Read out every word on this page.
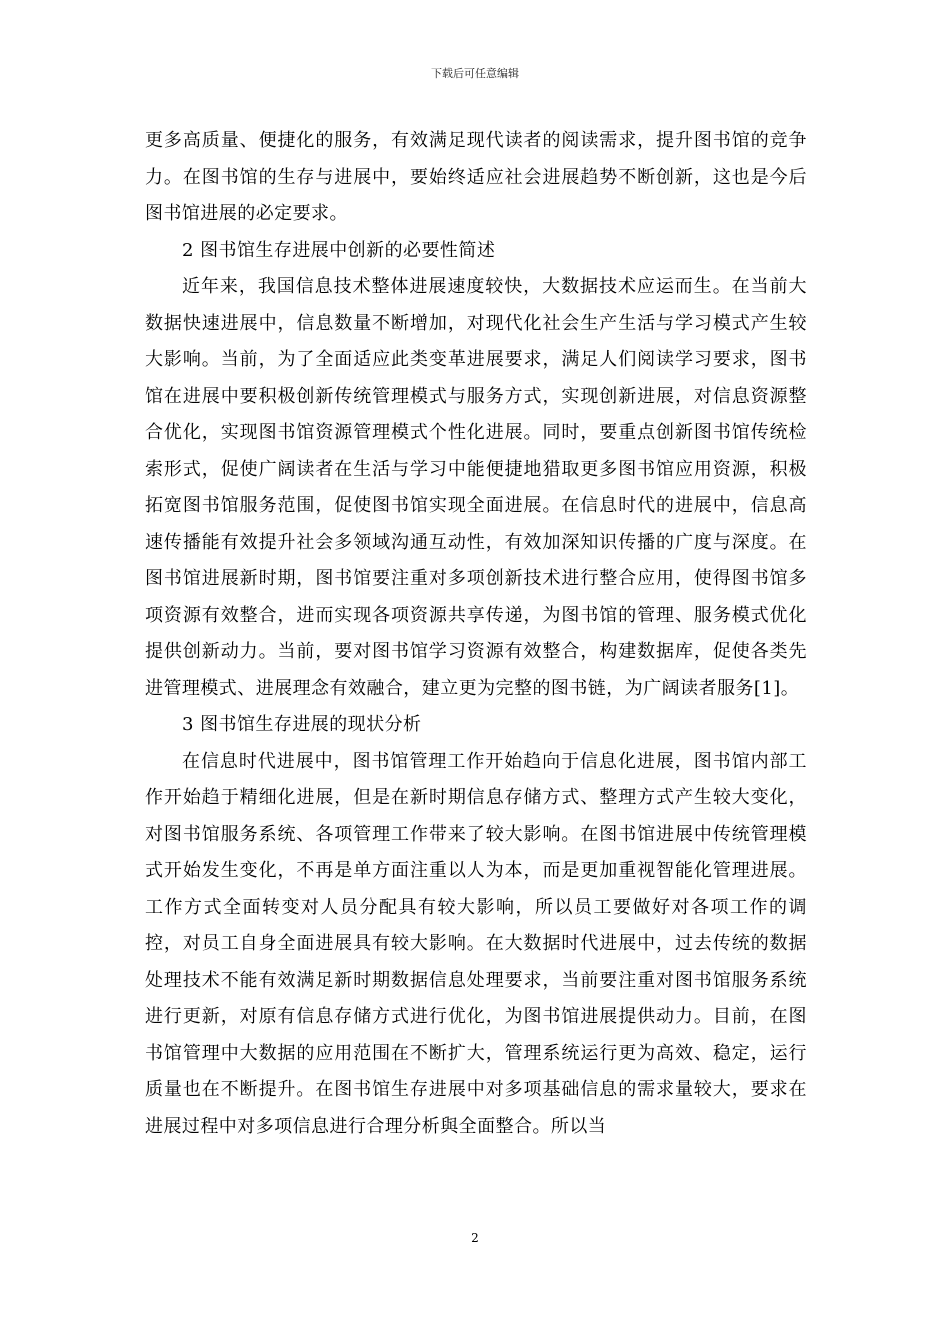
下载后可任意编辑

更多高质量、便捷化的服务，有效满足现代读者的阅读需求，提升图书馆的竞争力。在图书馆的生存与进展中，要始终适应社会进展趋势不断创新，这也是今后图书馆进展的必定要求。

2 图书馆生存进展中创新的必要性简述

近年来，我国信息技术整体进展速度较快，大数据技术应运而生。在当前大数据快速进展中，信息数量不断增加，对现代化社会生产生活与学习模式产生较大影响。当前，为了全面适应此类变革进展要求，满足人们阅读学习要求，图书馆在进展中要积极创新传统管理模式与服务方式，实现创新进展，对信息资源整合优化，实现图书馆资源管理模式个性化进展。同时，要重点创新图书馆传统检索形式，促使广阔读者在生活与学习中能便捷地猎取更多图书馆应用资源，积极拓宽图书馆服务范围，促使图书馆实现全面进展。在信息时代的进展中，信息高速传播能有效提升社会多领域沟通互动性，有效加深知识传播的广度与深度。在图书馆进展新时期，图书馆要注重对多项创新技术进行整合应用，使得图书馆多项资源有效整合，进而实现各项资源共享传递，为图书馆的管理、服务模式优化提供创新动力。当前，要对图书馆学习资源有效整合，构建数据库，促使各类先进管理模式、进展理念有效融合，建立更为完整的图书链，为广阔读者服务[1]。

3 图书馆生存进展的现状分析

在信息时代进展中，图书馆管理工作开始趋向于信息化进展，图书馆内部工作开始趋于精细化进展，但是在新时期信息存储方式、整理方式产生较大变化，对图书馆服务系统、各项管理工作带来了较大影响。在图书馆进展中传统管理模式开始发生变化，不再是单方面注重以人为本，而是更加重视智能化管理进展。工作方式全面转变对人员分配具有较大影响，所以员工要做好对各项工作的调控，对员工自身全面进展具有较大影响。在大数据时代进展中，过去传统的数据处理技术不能有效满足新时期数据信息处理要求，当前要注重对图书馆服务系统进行更新，对原有信息存储方式进行优化，为图书馆进展提供动力。目前，在图书馆管理中大数据的应用范围在不断扩大，管理系统运行更为高效、稳定，运行质量也在不断提升。在图书馆生存进展中对多项基础信息的需求量较大，要求在进展过程中对多项信息进行合理分析與全面整合。所以当

2
